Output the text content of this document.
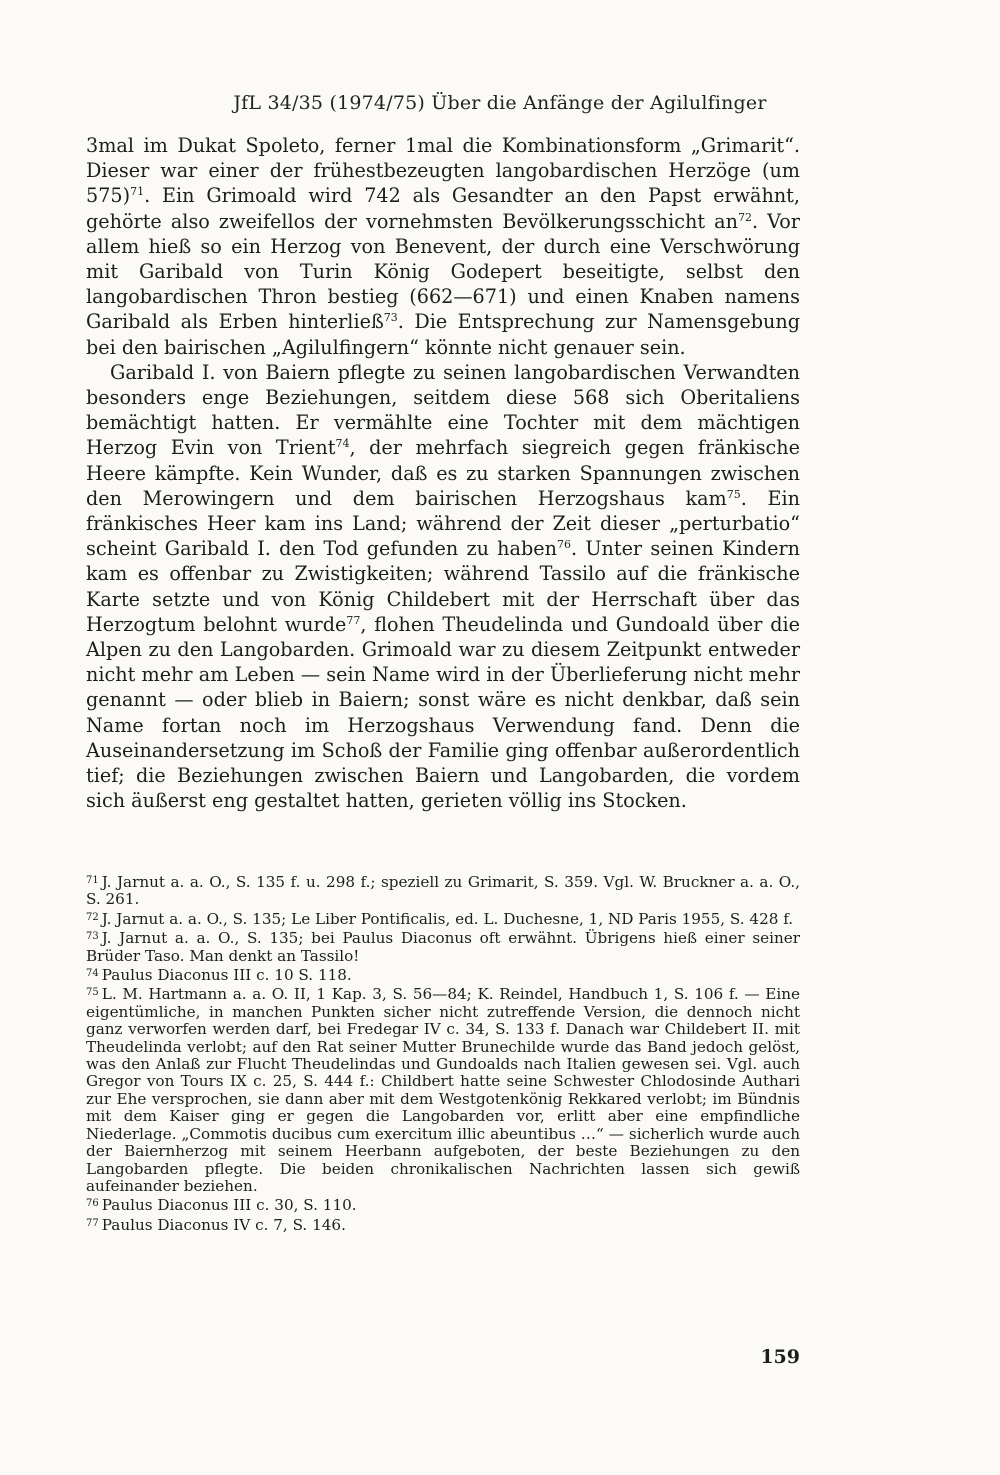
JfL 34/35 (1974/75) Über die Anfänge der Agilulfinger

3mal im Dukat Spoleto, ferner 1mal die Kombinationsform „Grimarit“. Dieser war einer der frühestbezeugten langobardischen Herzöge (um 575)$^{71}$. Ein Grimoald wird 742 als Gesandter an den Papst erwähnt, gehörte also zweifellos der vornehmsten Bevölkerungsschicht $an^{72}$. Vor allem hieß so ein Herzog von Benevent, der durch eine Verschwörung mit Garibald von Turin König Godepert beseitigte, selbst den langobardischen Thron bestieg (662—671) und einen Knaben namens Garibald als Erben hinterließ$^{73}$. Die Entsprechung zur Namensgebung bei den bairischen „Agilulfingern“ könnte nicht genauer sein.

Garibald I. von Baiern pflegte zu seinen langobardischen Verwandten besonders enge Beziehungen, seitdem diese 568 sich Oberitaliens bemächtigt hatten. Er vermählte eine Tochter mit dem mächtigen Herzog Evin von Trient$^{74}$, der mehrfach siegreich gegen fränkische Heere kämpfte. Kein Wunder, daß es zu starken Spannungen zwischen den Merowingern und dem bairischen Herzogshaus kam$^{75}$. Ein fränkisches Heer kam ins Land; während der Zeit dieser „perturbatio“ scheint Garibald I. den Tod gefunden zu haben$^{76}$. Unter seinen Kindern kam es offenbar zu Zwistigkeiten; während Tassilo auf die fränkische Karte setzte und von König Childebert mit der Herrschaft über das Herzogtum belohnt wurde$^{77}$, flohen Theudelinda und Gundoald über die Alpen zu den Langobarden. Grimoald war zu diesem Zeitpunkt entweder nicht mehr am Leben — sein Name wird in der Überlieferung nicht mehr genannt — oder blieb in Baiern; sonst wäre es nicht denkbar, daß sein Name fortan noch im Herzogshaus Verwendung fand. Denn die Auseinandersetzung im Schoß der Familie ging offenbar außerordentlich tief; die Beziehungen zwischen Baiern und Langobarden, die vordem sich äußerst eng gestaltet hatten, gerieten völlig ins Stocken.

$^{71}$ J. Jarnut a. a. O., S. 135 f. u. 298 f.; speziell zu Grimarit, S. 359. Vgl. W. Bruckner a. a. O., S. 261.

$^{72}$ J. Jarnut a. a. O., S. 135; Le Liber Pontificalis, ed. L. Duchesne, 1, ND Paris 1955, S. 428 f.

$^{73}$ J. Jarnut a. a. O., S. 135; bei Paulus Diaconus oft erwähnt. Übrigens hieß einer seiner Brüder Taso. Man denkt an Tassilo!

$^{74}$ Paulus Diaconus III c. 10 S. 118.

$^{75}$ L. M. Hartmann a. a. O. II, 1 Kap. 3, S. 56—84; K. Reindel, Handbuch 1, S. 106 f. — Eine eigentümliche, in manchen Punkten sicher nicht zutreffende Version, die dennoch nicht ganz verworfen werden darf, bei Fredegar IV c. 34, S. 133 f. Danach war Childebert II. mit Theudelinda verlobt; auf den Rat seiner Mutter Brunechilde wurde das Band jedoch gelöst, was den Anlaß zur Flucht Theudelindas und Gundoalds nach Italien gewesen sei. Vgl. auch Gregor von Tours IX c. 25, S. 444 f.: Childbert hatte seine Schwester Chlodosinde Authari zur Ehe versprochen, sie dann aber mit dem Westgotenkönig Rekkared verlobt; im Bündnis mit dem Kaiser ging er gegen die Langobarden vor, erlitt aber eine empfindliche Niederlage. „Commotis ducibus cum exercitum illic abeuntibus …“ — sicherlich wurde auch der Baiernherzog mit seinem Heerbann aufgeboten, der beste Beziehungen zu den Langobarden pflegte. Die beiden chronikalischen Nachrichten lassen sich gewiß aufeinander beziehen.

$^{76}$ Paulus Diaconus III c. 30, S. 110.

$^{77}$ Paulus Diaconus IV c. 7, S. 146.

159
